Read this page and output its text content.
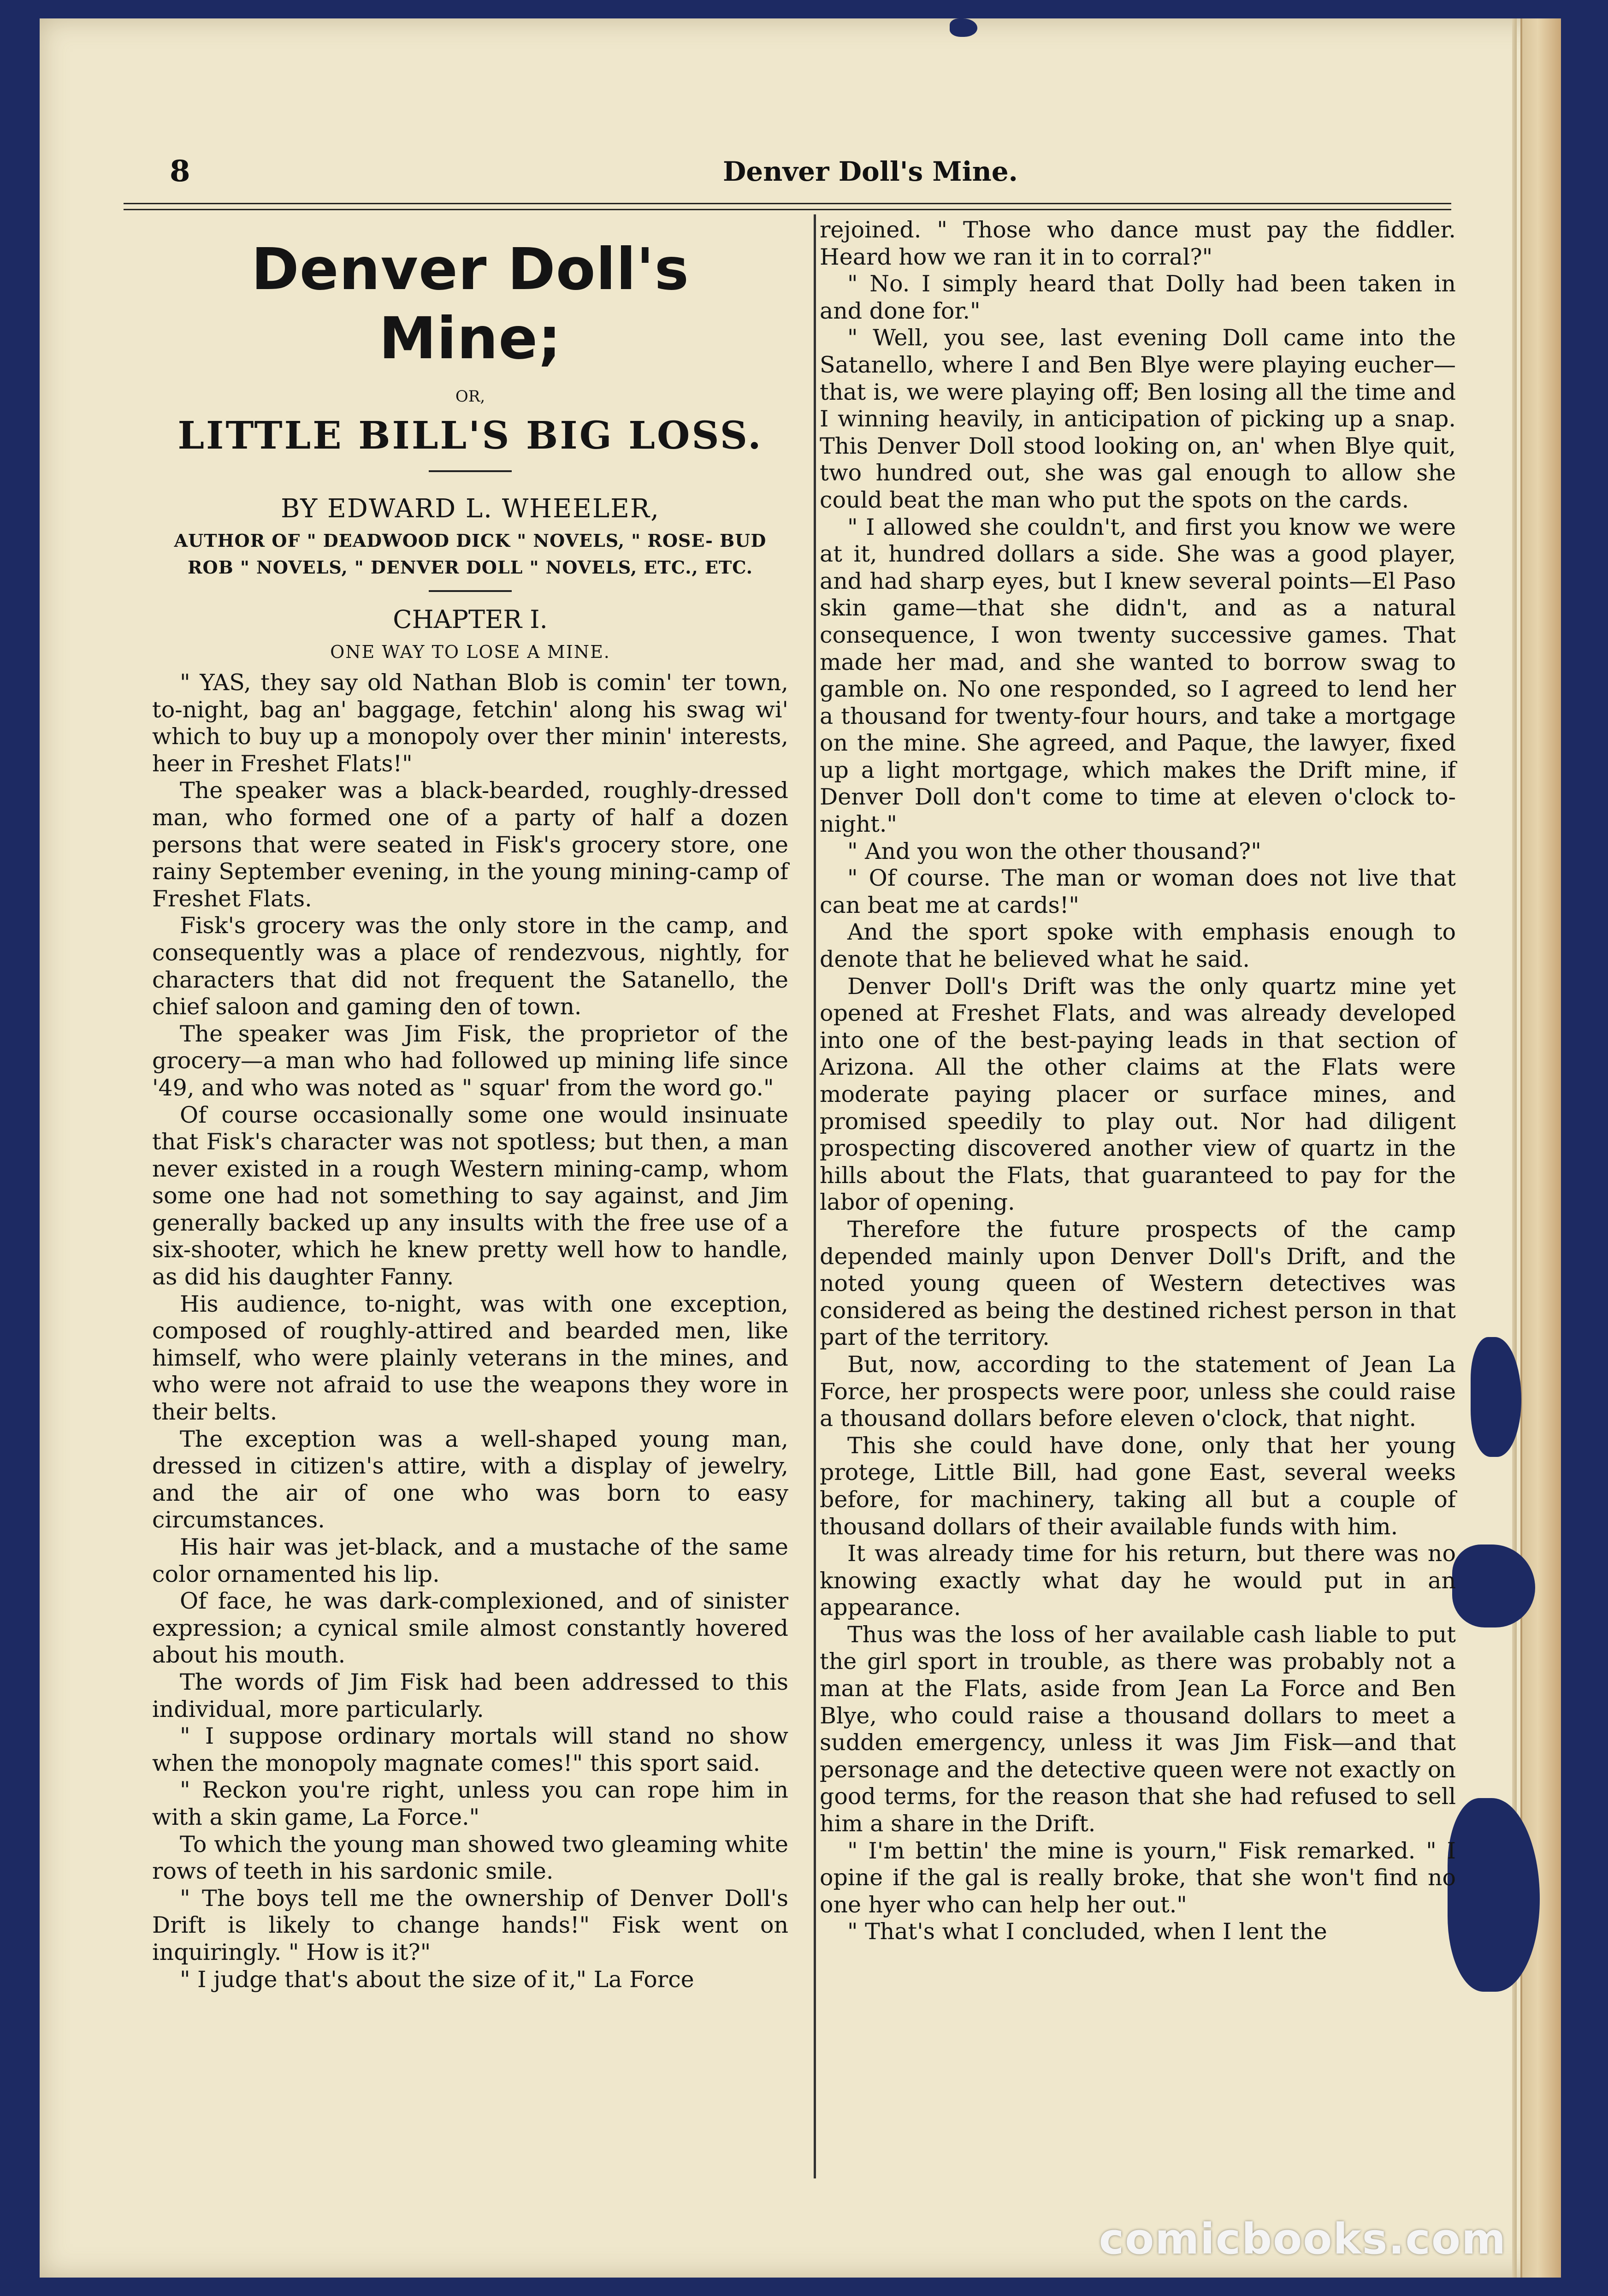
8	Denver Doll's Mine.
Denver Doll's Mine;
OR,
LITTLE BILL'S BIG LOSS.
BY EDWARD L. WHEELER,
AUTHOR OF " DEADWOOD DICK " NOVELS, " ROSE- BUD ROB " NOVELS, " DENVER DOLL " NOVELS, ETC., ETC.
CHAPTER I.
ONE WAY TO LOSE A MINE.

" YAS, they say old Nathan Blob is comin' ter town, to-night, bag an' baggage, fetchin' along his swag wi' which to buy up a monopoly over ther minin' interests, heer in Freshet Flats!"

The speaker was a black-bearded, roughly-dressed man, who formed one of a party of half a dozen persons that were seated in Fisk's grocery store, one rainy September evening, in the young mining-camp of Freshet Flats.

Fisk's grocery was the only store in the camp, and consequently was a place of rendezvous, nightly, for characters that did not frequent the Satanello, the chief saloon and gaming den of town.

The speaker was Jim Fisk, the proprietor of the grocery—a man who had followed up mining life since '49, and who was noted as " squar' from the word go."

Of course occasionally some one would insinuate that Fisk's character was not spotless; but then, a man never existed in a rough Western mining-camp, whom some one had not something to say against, and Jim generally backed up any insults with the free use of a six-shooter, which he knew pretty well how to handle, as did his daughter Fanny.

His audience, to-night, was with one exception, composed of roughly-attired and bearded men, like himself, who were plainly veterans in the mines, and who were not afraid to use the weapons they wore in their belts.

The exception was a well-shaped young man, dressed in citizen's attire, with a display of jewelry, and the air of one who was born to easy circumstances.

His hair was jet-black, and a mustache of the same color ornamented his lip.

Of face, he was dark-complexioned, and of sinister expression; a cynical smile almost constantly hovered about his mouth.

The words of Jim Fisk had been addressed to this individual, more particularly.

" I suppose ordinary mortals will stand no show when the monopoly magnate comes!" this sport said.

" Reckon you're right, unless you can rope him in with a skin game, La Force."

To which the young man showed two gleaming white rows of teeth in his sardonic smile.

" The boys tell me the ownership of Denver Doll's Drift is likely to change hands!" Fisk went on inquiringly. " How is it?"

" I judge that's about the size of it," La Force

rejoined. " Those who dance must pay the fiddler. Heard how we ran it in to corral?"

" No. I simply heard that Dolly had been taken in and done for."

" Well, you see, last evening Doll came into the Satanello, where I and Ben Blye were playing eucher—that is, we were playing off; Ben losing all the time and I winning heavily, in anticipation of picking up a snap. This Denver Doll stood looking on, an' when Blye quit, two hundred out, she was gal enough to allow she could beat the man who put the spots on the cards.

" I allowed she couldn't, and first you know we were at it, hundred dollars a side. She was a good player, and had sharp eyes, but I knew several points—El Paso skin game—that she didn't, and as a natural consequence, I won twenty successive games. That made her mad, and she wanted to borrow swag to gamble on. No one responded, so I agreed to lend her a thousand for twenty-four hours, and take a mortgage on the mine. She agreed, and Paque, the lawyer, fixed up a light mortgage, which makes the Drift mine, if Denver Doll don't come to time at eleven o'clock to-night."

" And you won the other thousand?"

" Of course. The man or woman does not live that can beat me at cards!"

And the sport spoke with emphasis enough to denote that he believed what he said.

Denver Doll's Drift was the only quartz mine yet opened at Freshet Flats, and was already developed into one of the best-paying leads in that section of Arizona. All the other claims at the Flats were moderate paying placer or surface mines, and promised speedily to play out. Nor had diligent prospecting discovered another view of quartz in the hills about the Flats, that guaranteed to pay for the labor of opening.

Therefore the future prospects of the camp depended mainly upon Denver Doll's Drift, and the noted young queen of Western detectives was considered as being the destined richest person in that part of the territory.

But, now, according to the statement of Jean La Force, her prospects were poor, unless she could raise a thousand dollars before eleven o'clock, that night.

This she could have done, only that her young protege, Little Bill, had gone East, several weeks before, for machinery, taking all but a couple of thousand dollars of their available funds with him.

It was already time for his return, but there was no knowing exactly what day he would put in an appearance.

Thus was the loss of her available cash liable to put the girl sport in trouble, as there was probably not a man at the Flats, aside from Jean La Force and Ben Blye, who could raise a thousand dollars to meet a sudden emergency, unless it was Jim Fisk—and that personage and the detective queen were not exactly on good terms, for the reason that she had refused to sell him a share in the Drift.

" I'm bettin' the mine is yourn," Fisk remarked. " I opine if the gal is really broke, that she won't find no one hyer who can help her out."

" That's what I concluded, when I lent the

comicbooks.com
